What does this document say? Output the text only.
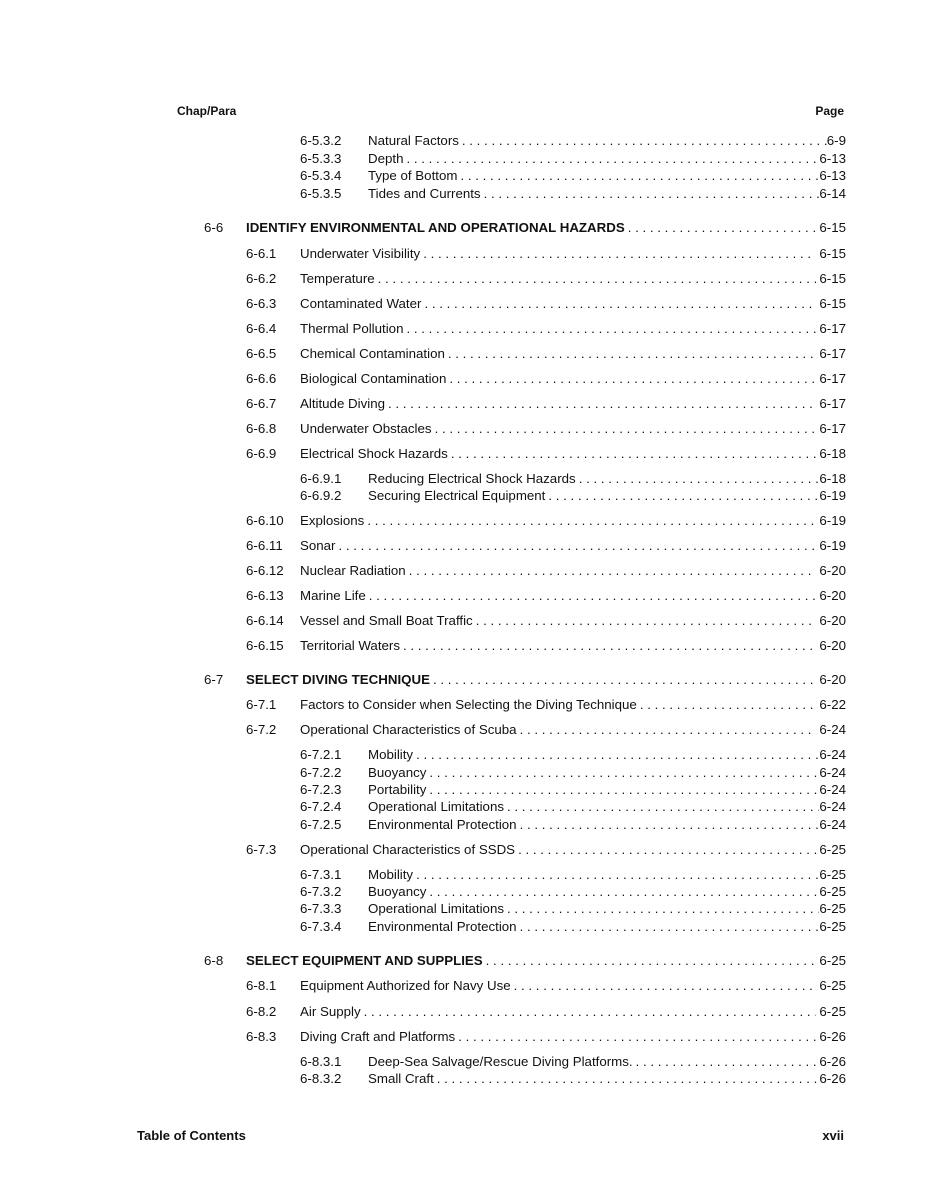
Chap/Para	Page
6-5.3.2 Natural Factors . . .	6-9
6-5.3.3 Depth . . .	6-13
6-5.3.4 Type of Bottom . . .	6-13
6-5.3.5 Tides and Currents . . .	6-14
6-6 IDENTIFY ENVIRONMENTAL AND OPERATIONAL HAZARDS . . .	6-15
6-6.1 Underwater Visibility . . .	6-15
6-6.2 Temperature . . .	6-15
6-6.3 Contaminated Water . . .	6-15
6-6.4 Thermal Pollution . . .	6-17
6-6.5 Chemical Contamination . . .	6-17
6-6.6 Biological Contamination . . .	6-17
6-6.7 Altitude Diving . . .	6-17
6-6.8 Underwater Obstacles . . .	6-17
6-6.9 Electrical Shock Hazards . . .	6-18
6-6.9.1 Reducing Electrical Shock Hazards . . .	6-18
6-6.9.2 Securing Electrical Equipment . . .	6-19
6-6.10 Explosions . . .	6-19
6-6.11 Sonar . . .	6-19
6-6.12 Nuclear Radiation . . .	6-20
6-6.13 Marine Life . . .	6-20
6-6.14 Vessel and Small Boat Traffic . . .	6-20
6-6.15 Territorial Waters . . .	6-20
6-7 SELECT DIVING TECHNIQUE . . .	6-20
6-7.1 Factors to Consider when Selecting the Diving Technique . . .	6-22
6-7.2 Operational Characteristics of Scuba . . .	6-24
6-7.2.1 Mobility . . .	6-24
6-7.2.2 Buoyancy . . .	6-24
6-7.2.3 Portability . . .	6-24
6-7.2.4 Operational Limitations . . .	6-24
6-7.2.5 Environmental Protection . . .	6-24
6-7.3 Operational Characteristics of SSDS . . .	6-25
6-7.3.1 Mobility . . .	6-25
6-7.3.2 Buoyancy . . .	6-25
6-7.3.3 Operational Limitations . . .	6-25
6-7.3.4 Environmental Protection . . .	6-25
6-8 SELECT EQUIPMENT AND SUPPLIES . . .	6-25
6-8.1 Equipment Authorized for Navy Use . . .	6-25
6-8.2 Air Supply . . .	6-25
6-8.3 Diving Craft and Platforms . . .	6-26
6-8.3.1 Deep-Sea Salvage/Rescue Diving Platforms. . . .	6-26
6-8.3.2 Small Craft . . .	6-26
Table of Contents	xvii
